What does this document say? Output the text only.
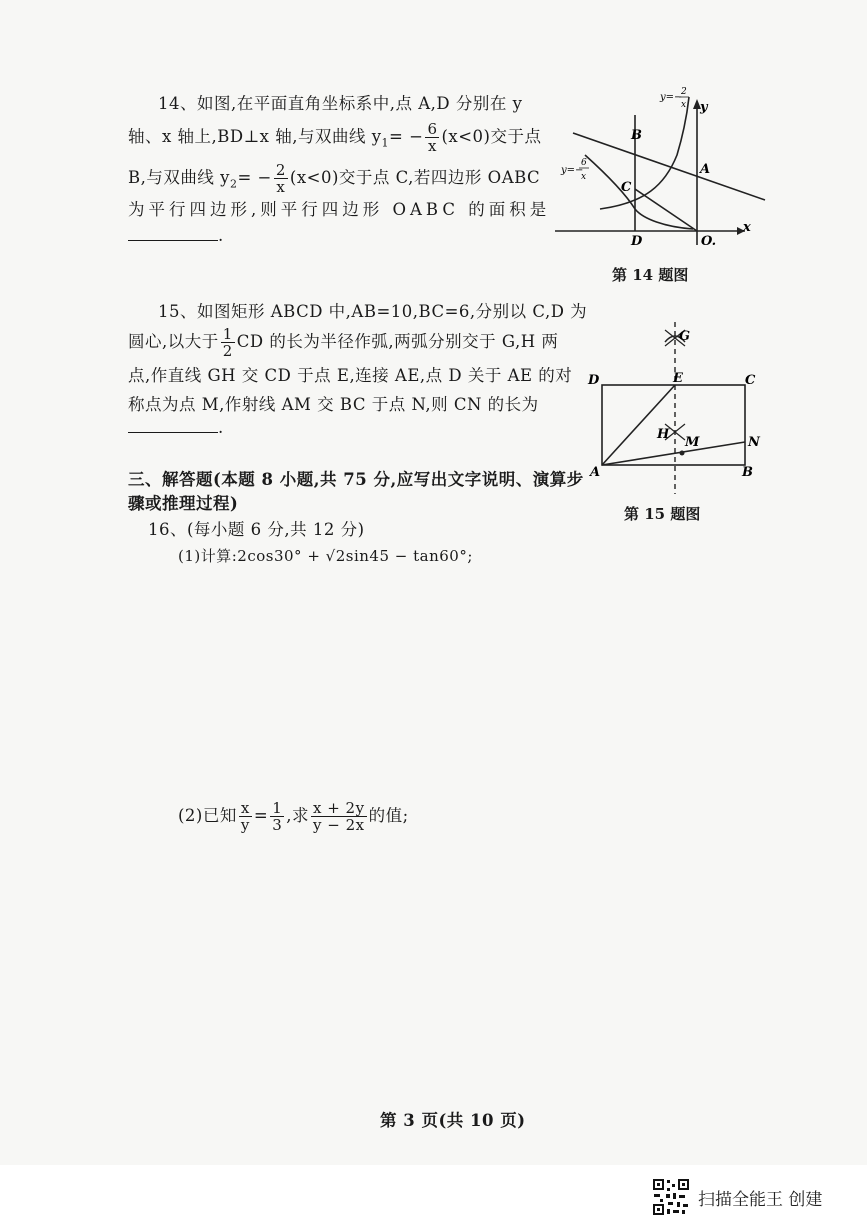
14、如图,在平面直角坐标系中,点 A,D 分别在 y
轴、x 轴上,BD⊥x 轴,与双曲线 $y_1= - \frac{6}{x} (x<0)$交于点
B,与双曲线 $y_2= - \frac{2}{x} (x<0)$交于点 C,若四边形 OABC
为平行四边形,则平行四边形 OABC 的面积是
.
y=−
2
x y
x
y=−
6
x
B
A
C
D	O.
第 14 题图
15、如图矩形 ABCD 中,AB=10,BC=6,分别以 C,D 为
圆心,以大于 $\frac{1}{2}$ CD 的长为半径作弧,两弧分别交于 G,H 两
点,作直线 GH 交 CD 于点 E,连接 AE,点 D 关于 AE 的对
称点为点 M,作射线 AM 交 BC 于点 N,则 CN 的长为
.
G
D	E	C
H
M	N
A	B
第 15 题图
三、解答题(本题 8 小题,共 75 分,应写出文字说明、演算步
骤或推理过程)
16、(每小题 6 分,共 12 分)
(1)计算:2cos30° + √2sin45 − tan60°;
(2)已知 $\frac{x}{y} = \frac{1}{3}$ ,求 $\frac{x + 2y}{y - 2x}$ 的值;
第 3 页(共 10 页)
扫描全能王 创建
